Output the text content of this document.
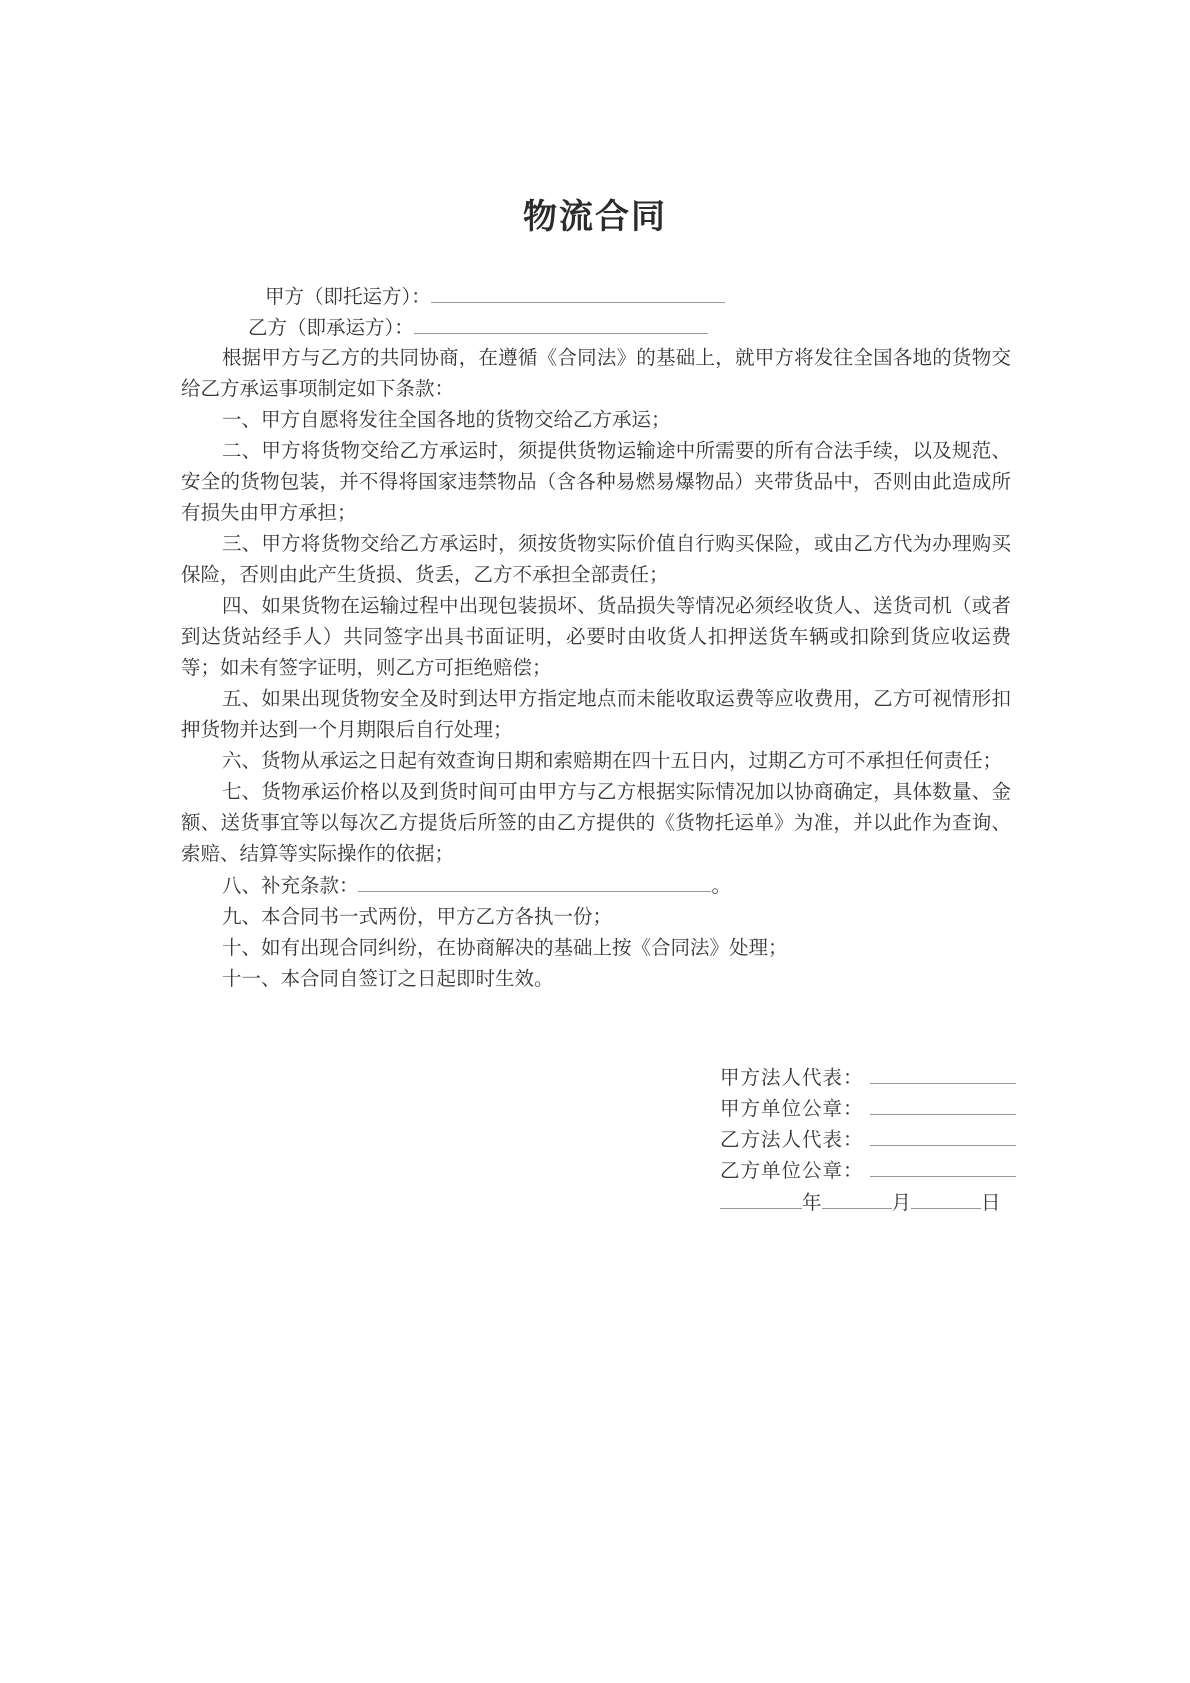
物流合同
甲方（即托运方）：
乙方（即承运方）：

根据甲方与乙方的共同协商，在遵循《合同法》的基础上，就甲方将发往全国各地的货物交给乙方承运事项制定如下条款：

一、甲方自愿将发往全国各地的货物交给乙方承运；

二、甲方将货物交给乙方承运时，须提供货物运输途中所需要的所有合法手续，以及规范、安全的货物包装，并不得将国家违禁物品（含各种易燃易爆物品）夹带货品中，否则由此造成所有损失由甲方承担；

三、甲方将货物交给乙方承运时，须按货物实际价值自行购买保险，或由乙方代为办理购买保险，否则由此产生货损、货丢，乙方不承担全部责任；

四、如果货物在运输过程中出现包装损坏、货品损失等情况必须经收货人、送货司机（或者到达货站经手人）共同签字出具书面证明，必要时由收货人扣押送货车辆或扣除到货应收运费等；如未有签字证明，则乙方可拒绝赔偿；

五、如果出现货物安全及时到达甲方指定地点而未能收取运费等应收费用，乙方可视情形扣押货物并达到一个月期限后自行处理；

六、货物从承运之日起有效查询日期和索赔期在四十五日内，过期乙方可不承担任何责任；

七、货物承运价格以及到货时间可由甲方与乙方根据实际情况加以协商确定，具体数量、金额、送货事宜等以每次乙方提货后所签的由乙方提供的《货物托运单》为准，并以此作为查询、索赔、结算等实际操作的依据；

八、补充条款：	。

九、本合同书一式两份，甲方乙方各执一份；

十、如有出现合同纠纷，在协商解决的基础上按《合同法》处理；

十一、本合同自签订之日起即时生效。

甲方法人代表：
甲方单位公章：
乙方法人代表：
乙方单位公章：
年	月	日
